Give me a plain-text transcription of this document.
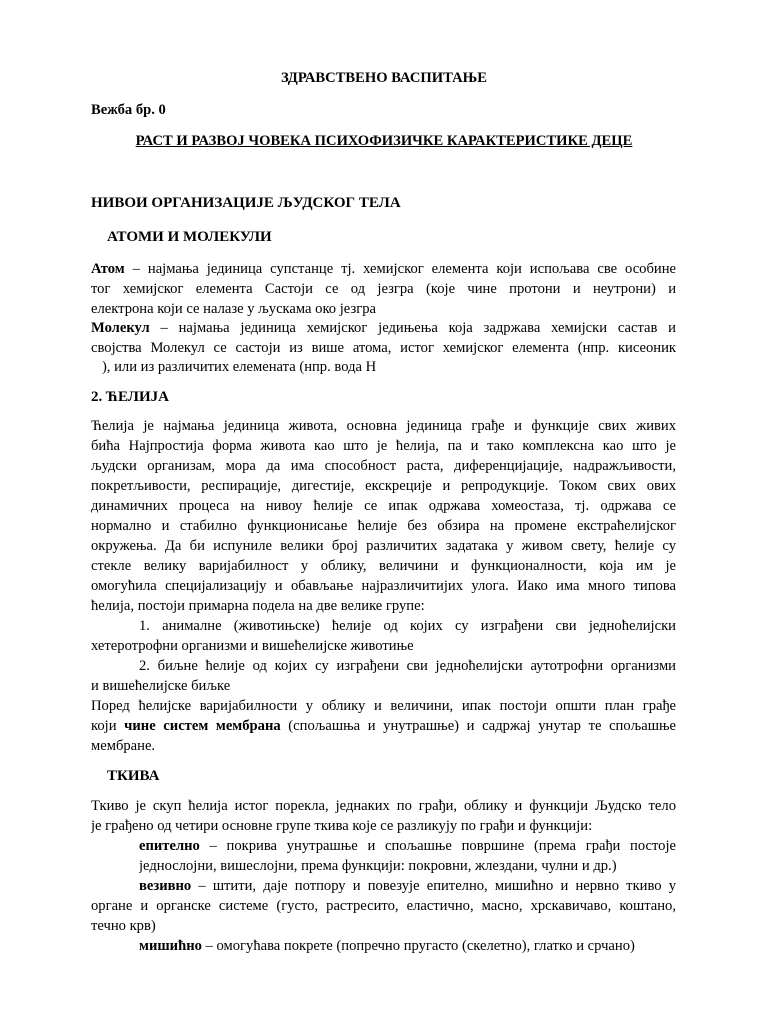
ЗДРАВСТВЕНО ВАСПИТАЊЕ
Вежба бр. 0
РАСТ И РАЗВОЈ ЧОВЕКА ПСИХОФИЗИЧКЕ КАРАКТЕРИСТИКЕ ДЕЦЕ
НИВОИ ОРГАНИЗАЦИЈЕ ЉУДСКОГ ТЕЛА
АТОМИ И МОЛЕКУЛИ
Атом – најмања јединица супстанце тј. хемијског елемента који испољава све особине
тог хемијског елемента Састоји се од језгра (које чине протони и неутрони) и
електрона који се налазе у љускама око језгра
Молекул – најмања јединица хемијског једињења која задржава хемијски састав и
својства Молекул се састоји из више атома, истог хемијског елемента (нпр. кисеоник
), или из различитих елемената (нпр. вода H
2. ЋЕЛИЈА
Ћелија је најмања јединица живота, основна јединица грађе и функције свих живих
бића Најпростија форма живота као што је ћелија, па и тако комплексна као што је
људски организам, мора да има способност раста, диференцијације, надражљивости,
покретљивости, респирације, дигестије, екскреције и репродукције. Током свих ових
динамичних процеса на нивоу ћелије се ипак одржава хомеостаза, тј. одржава се
нормално и стабилно функционисање ћелије без обзира на промене екстраћелијског
окружења. Да би испуниле велики број различитих задатака у живом свету, ћелије су
стекле велику варијабилност у облику, величини и функционалности, која им је
омогућила специјализацију и обављање најразличитијих улога. Иако има много типова
ћелија, постоји примарна подела на две велике групе:
1. анималне (животињске) ћелије од којих су изграђени сви једноћелијски
хетеротрофни организми и вишећелијске животиње
2. биљне ћелије од којих су изграђени сви једноћелијски аутотрофни организми
и вишећелијске биљке
Поред ћелијске варијабилности у облику и величини, ипак постоји општи план грађе
који чине систем мембрана (спољашња и унутрашње) и садржај унутар те спољашње
мембране.
ТКИВА
Ткиво је скуп ћелија истог порекла, једнаких по грађи, облику и функцији Људско тело
је грађено од четири основне групе ткива које се разликују по грађи и функцији:
епително – покрива унутрашње и спољашње површине (према грађи постоје
једнослојни, вишеслојни, према функцији: покровни, жлездани, чулни и др.)
везивно – штити, даје потпору и повезује епително, мишићно и нервно ткиво у
органе и органске системе (густо, растресито, еластично, масно, хрскавичаво, коштано,
течно крв)
мишићно – омогућава покрете (попречно пругасто (скелетно), глатко и срчано)
